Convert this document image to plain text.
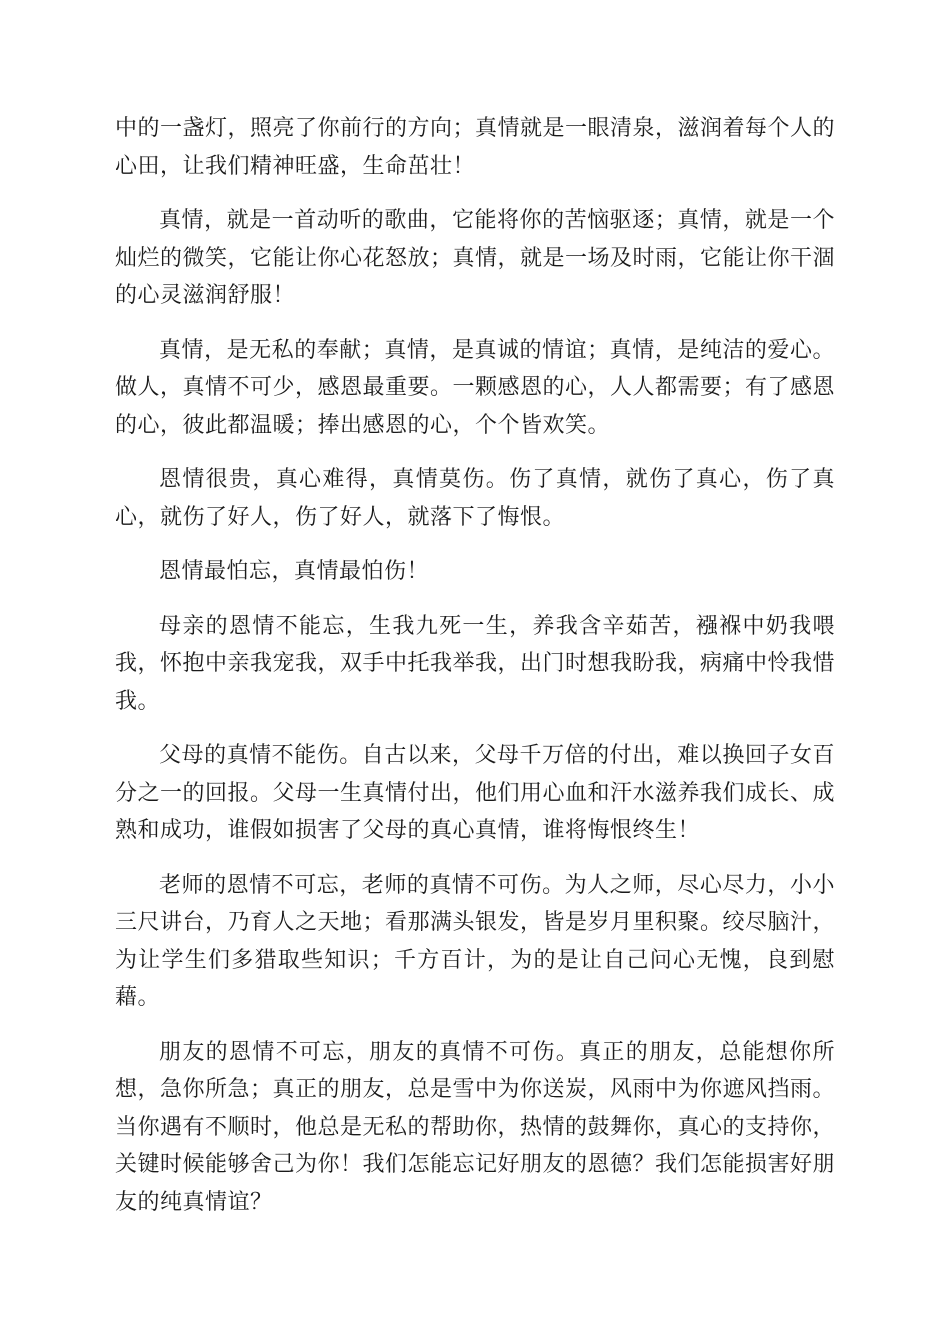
中的一盏灯，照亮了你前行的方向；真情就是一眼清泉，滋润着每个人的心田，让我们精神旺盛，生命茁壮！

真情，就是一首动听的歌曲，它能将你的苦恼驱逐；真情，就是一个灿烂的微笑，它能让你心花怒放；真情，就是一场及时雨，它能让你干涸的心灵滋润舒服！

真情，是无私的奉献；真情，是真诚的情谊；真情，是纯洁的爱心。做人，真情不可少，感恩最重要。一颗感恩的心，人人都需要；有了感恩的心，彼此都温暖；捧出感恩的心，个个皆欢笑。

恩情很贵，真心难得，真情莫伤。伤了真情，就伤了真心，伤了真心，就伤了好人，伤了好人，就落下了悔恨。

恩情最怕忘，真情最怕伤！

母亲的恩情不能忘，生我九死一生，养我含辛茹苦，襁褓中奶我喂我，怀抱中亲我宠我，双手中托我举我，出门时想我盼我，病痛中怜我惜我。

父母的真情不能伤。自古以来，父母千万倍的付出，难以换回子女百分之一的回报。父母一生真情付出，他们用心血和汗水滋养我们成长、成熟和成功，谁假如损害了父母的真心真情，谁将悔恨终生！

老师的恩情不可忘，老师的真情不可伤。为人之师，尽心尽力，小小三尺讲台，乃育人之天地；看那满头银发，皆是岁月里积聚。绞尽脑汁，为让学生们多猎取些知识；千方百计，为的是让自己问心无愧，良到慰藉。

朋友的恩情不可忘，朋友的真情不可伤。真正的朋友，总能想你所想，急你所急；真正的朋友，总是雪中为你送炭，风雨中为你遮风挡雨。当你遇有不顺时，他总是无私的帮助你，热情的鼓舞你，真心的支持你，关键时候能够舍己为你！我们怎能忘记好朋友的恩德？我们怎能损害好朋友的纯真情谊？
